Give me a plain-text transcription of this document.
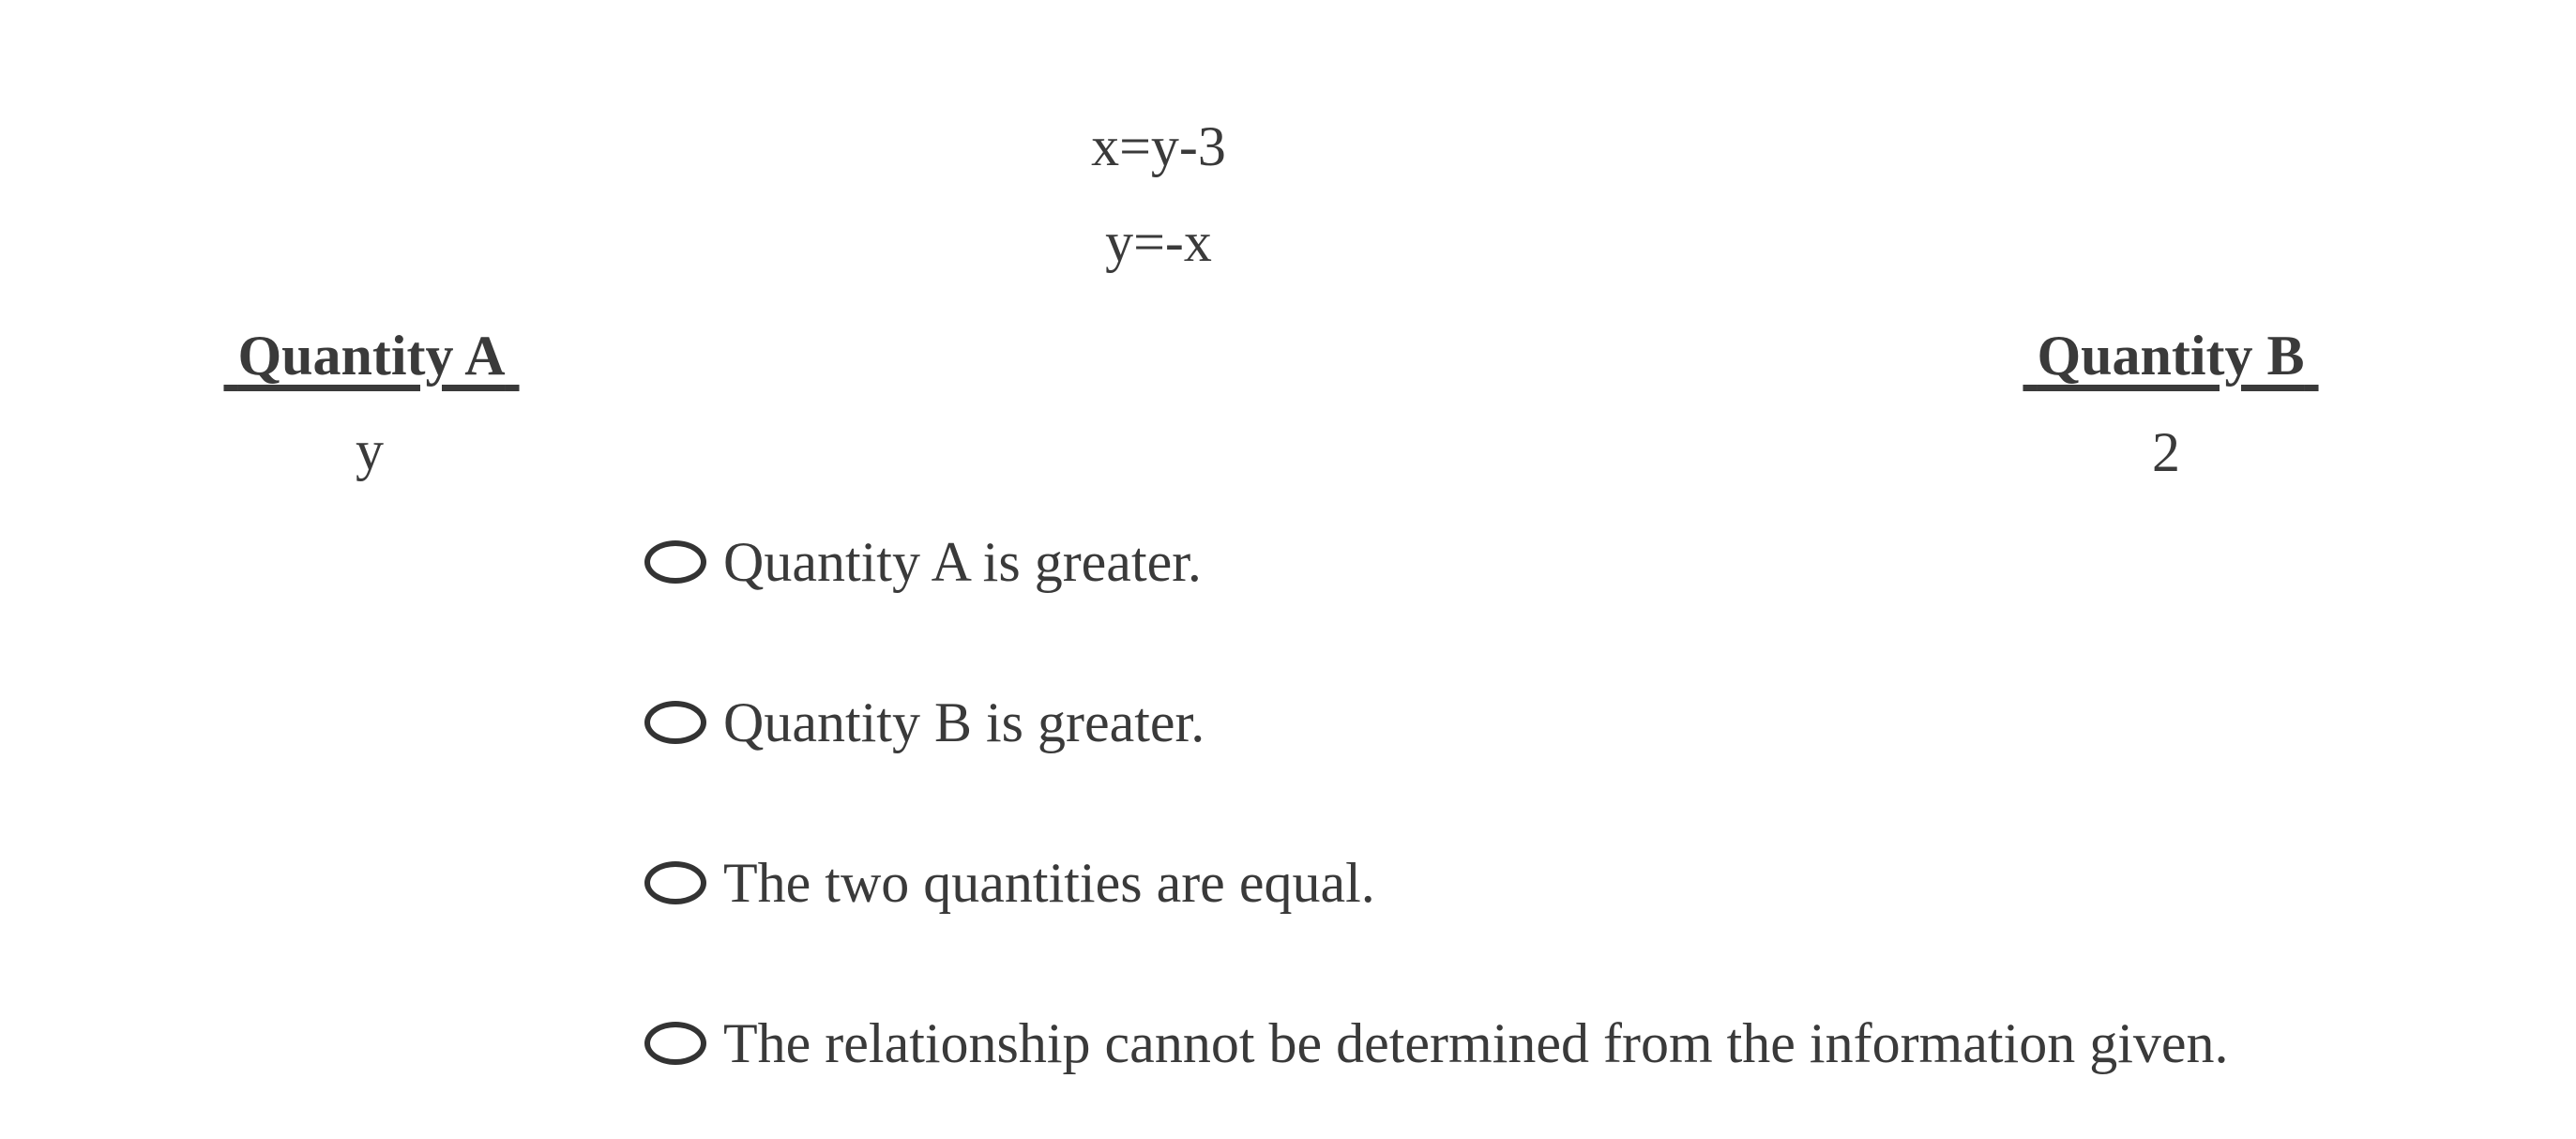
x=y-3
y=-x
Quantity A
y
Quantity B
2
Quantity A is greater.
Quantity B is greater.
The two quantities are equal.
The relationship cannot be determined from the information given.
